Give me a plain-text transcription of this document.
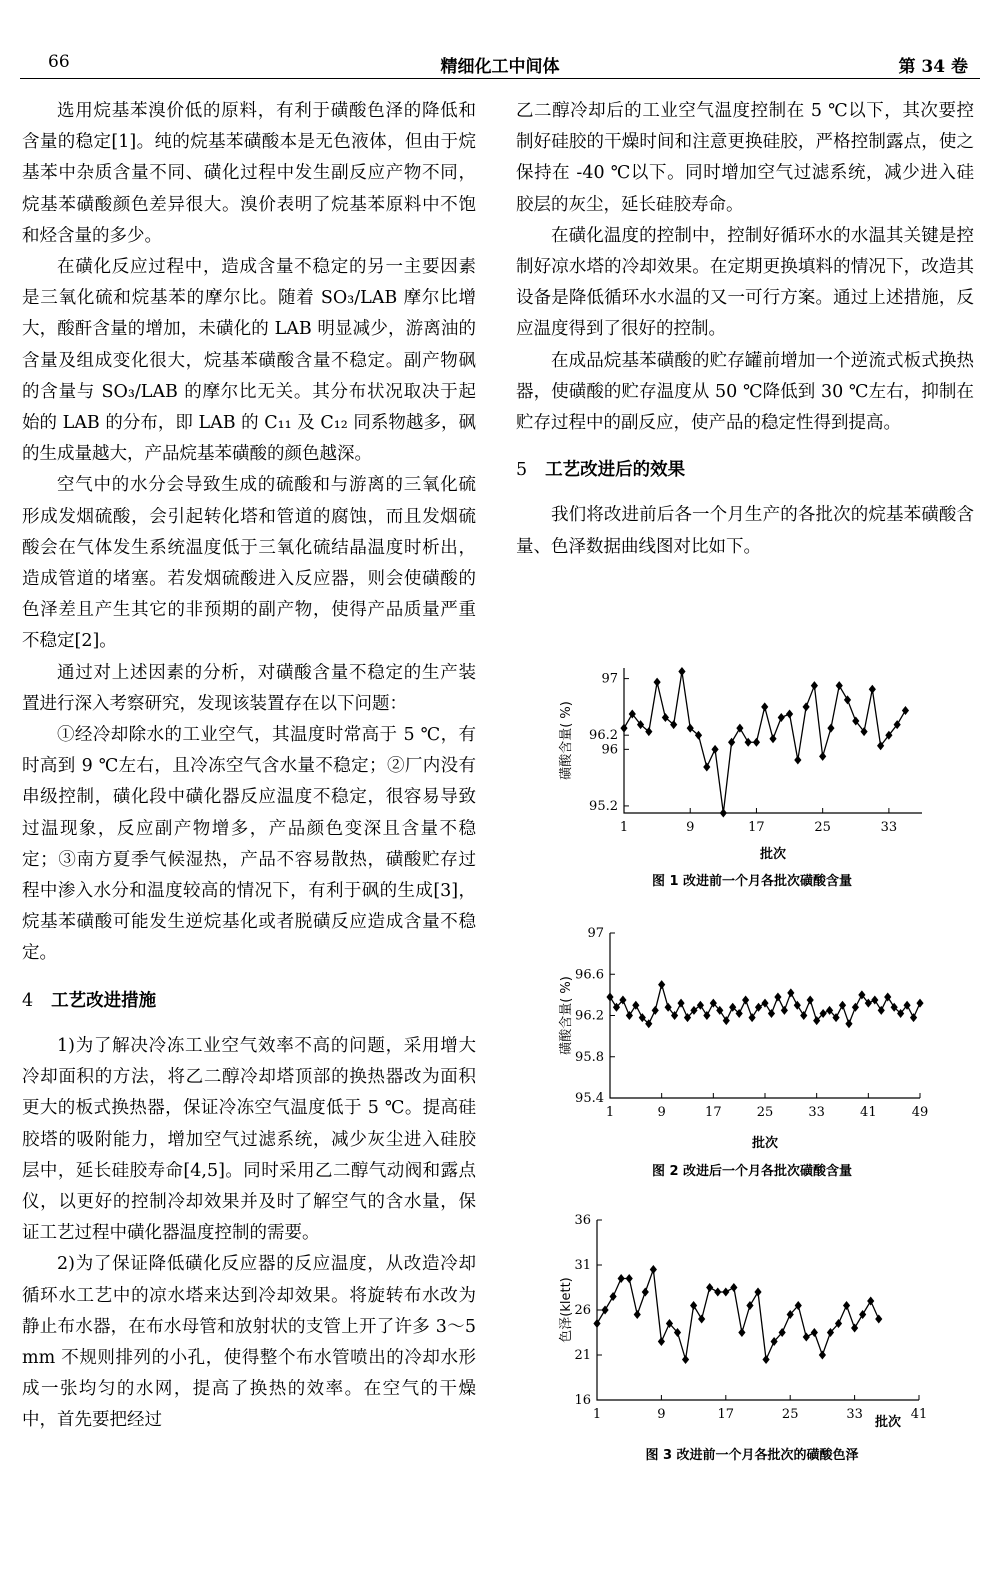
66	精细化工中间体	第 34 卷

选用烷基苯溴价低的原料，有利于磺酸色泽的降低和含量的稳定[1]。纯的烷基苯磺酸本是无色液体，但由于烷基苯中杂质含量不同、磺化过程中发生副反应产物不同，烷基苯磺酸颜色差异很大。溴价表明了烷基苯原料中不饱和烃含量的多少。

在磺化反应过程中，造成含量不稳定的另一主要因素是三氧化硫和烷基苯的摩尔比。随着 SO₃/LAB 摩尔比增大，酸酐含量的增加，未磺化的 LAB 明显减少，游离油的含量及组成变化很大，烷基苯磺酸含量不稳定。副产物砜的含量与 SO₃/LAB 的摩尔比无关。其分布状况取决于起始的 LAB 的分布，即 LAB 的 C₁₁ 及 C₁₂ 同系物越多，砜的生成量越大，产品烷基苯磺酸的颜色越深。

空气中的水分会导致生成的硫酸和与游离的三氧化硫形成发烟硫酸，会引起转化塔和管道的腐蚀，而且发烟硫酸会在气体发生系统温度低于三氧化硫结晶温度时析出，造成管道的堵塞。若发烟硫酸进入反应器，则会使磺酸的色泽差且产生其它的非预期的副产物，使得产品质量严重不稳定[2]。

通过对上述因素的分析，对磺酸含量不稳定的生产装置进行深入考察研究，发现该装置存在以下问题：

①经冷却除水的工业空气，其温度时常高于 5 ℃，有时高到 9 ℃左右，且冷冻空气含水量不稳定；②厂内没有串级控制，磺化段中磺化器反应温度不稳定，很容易导致过温现象，反应副产物增多，产品颜色变深且含量不稳定；③南方夏季气候湿热，产品不容易散热，磺酸贮存过程中渗入水分和温度较高的情况下，有利于砜的生成[3]，烷基苯磺酸可能发生逆烷基化或者脱磺反应造成含量不稳定。

4 工艺改进措施

1)为了解决冷冻工业空气效率不高的问题，采用增大冷却面积的方法，将乙二醇冷却塔顶部的换热器改为面积更大的板式换热器，保证冷冻空气温度低于 5 ℃。提高硅胶塔的吸附能力，增加空气过滤系统，减少灰尘进入硅胶层中，延长硅胶寿命[4,5]。同时采用乙二醇气动阀和露点仪，以更好的控制冷却效果并及时了解空气的含水量，保证工艺过程中磺化器温度控制的需要。

2)为了保证降低磺化反应器的反应温度，从改造冷却循环水工艺中的凉水塔来达到冷却效果。将旋转布水改为静止布水器，在布水母管和放射状的支管上开了许多 3～5 mm 不规则排列的小孔，使得整个布水管喷出的冷却水形成一张均匀的水网，提高了换热的效率。在空气的干燥中，首先要把经过

乙二醇冷却后的工业空气温度控制在 5 ℃以下，其次要控制好硅胶的干燥时间和注意更换硅胶，严格控制露点，使之保持在 -40 ℃以下。同时增加空气过滤系统，减少进入硅胶层的灰尘，延长硅胶寿命。

在磺化温度的控制中，控制好循环水的水温其关键是控制好凉水塔的冷却效果。在定期更换填料的情况下，改造其设备是降低循环水水温的又一可行方案。通过上述措施，反应温度得到了很好的控制。

在成品烷基苯磺酸的贮存罐前增加一个逆流式板式换热器，使磺酸的贮存温度从 50 ℃降低到 30 ℃左右，抑制在贮存过程中的副反应，使产品的稳定性得到提高。

5 工艺改进后的效果

我们将改进前后各一个月生产的各批次的烷基苯磺酸含量、色泽数据曲线图对比如下。

1	9	17	25	33
95.2
96
96.2
97
批次
磺酸含量( %)
图 1 改进前一个月各批次磺酸含量
1	9	17	25	33	41	49
95.4
95.8
96.2
96.6
97
批次
磺酸含量( %)
图 2 改进后一个月各批次磺酸含量
1	9	17	25	33	41
16
21
26
31
36
批次
色泽(klett)
图 3 改进前一个月各批次的磺酸色泽
